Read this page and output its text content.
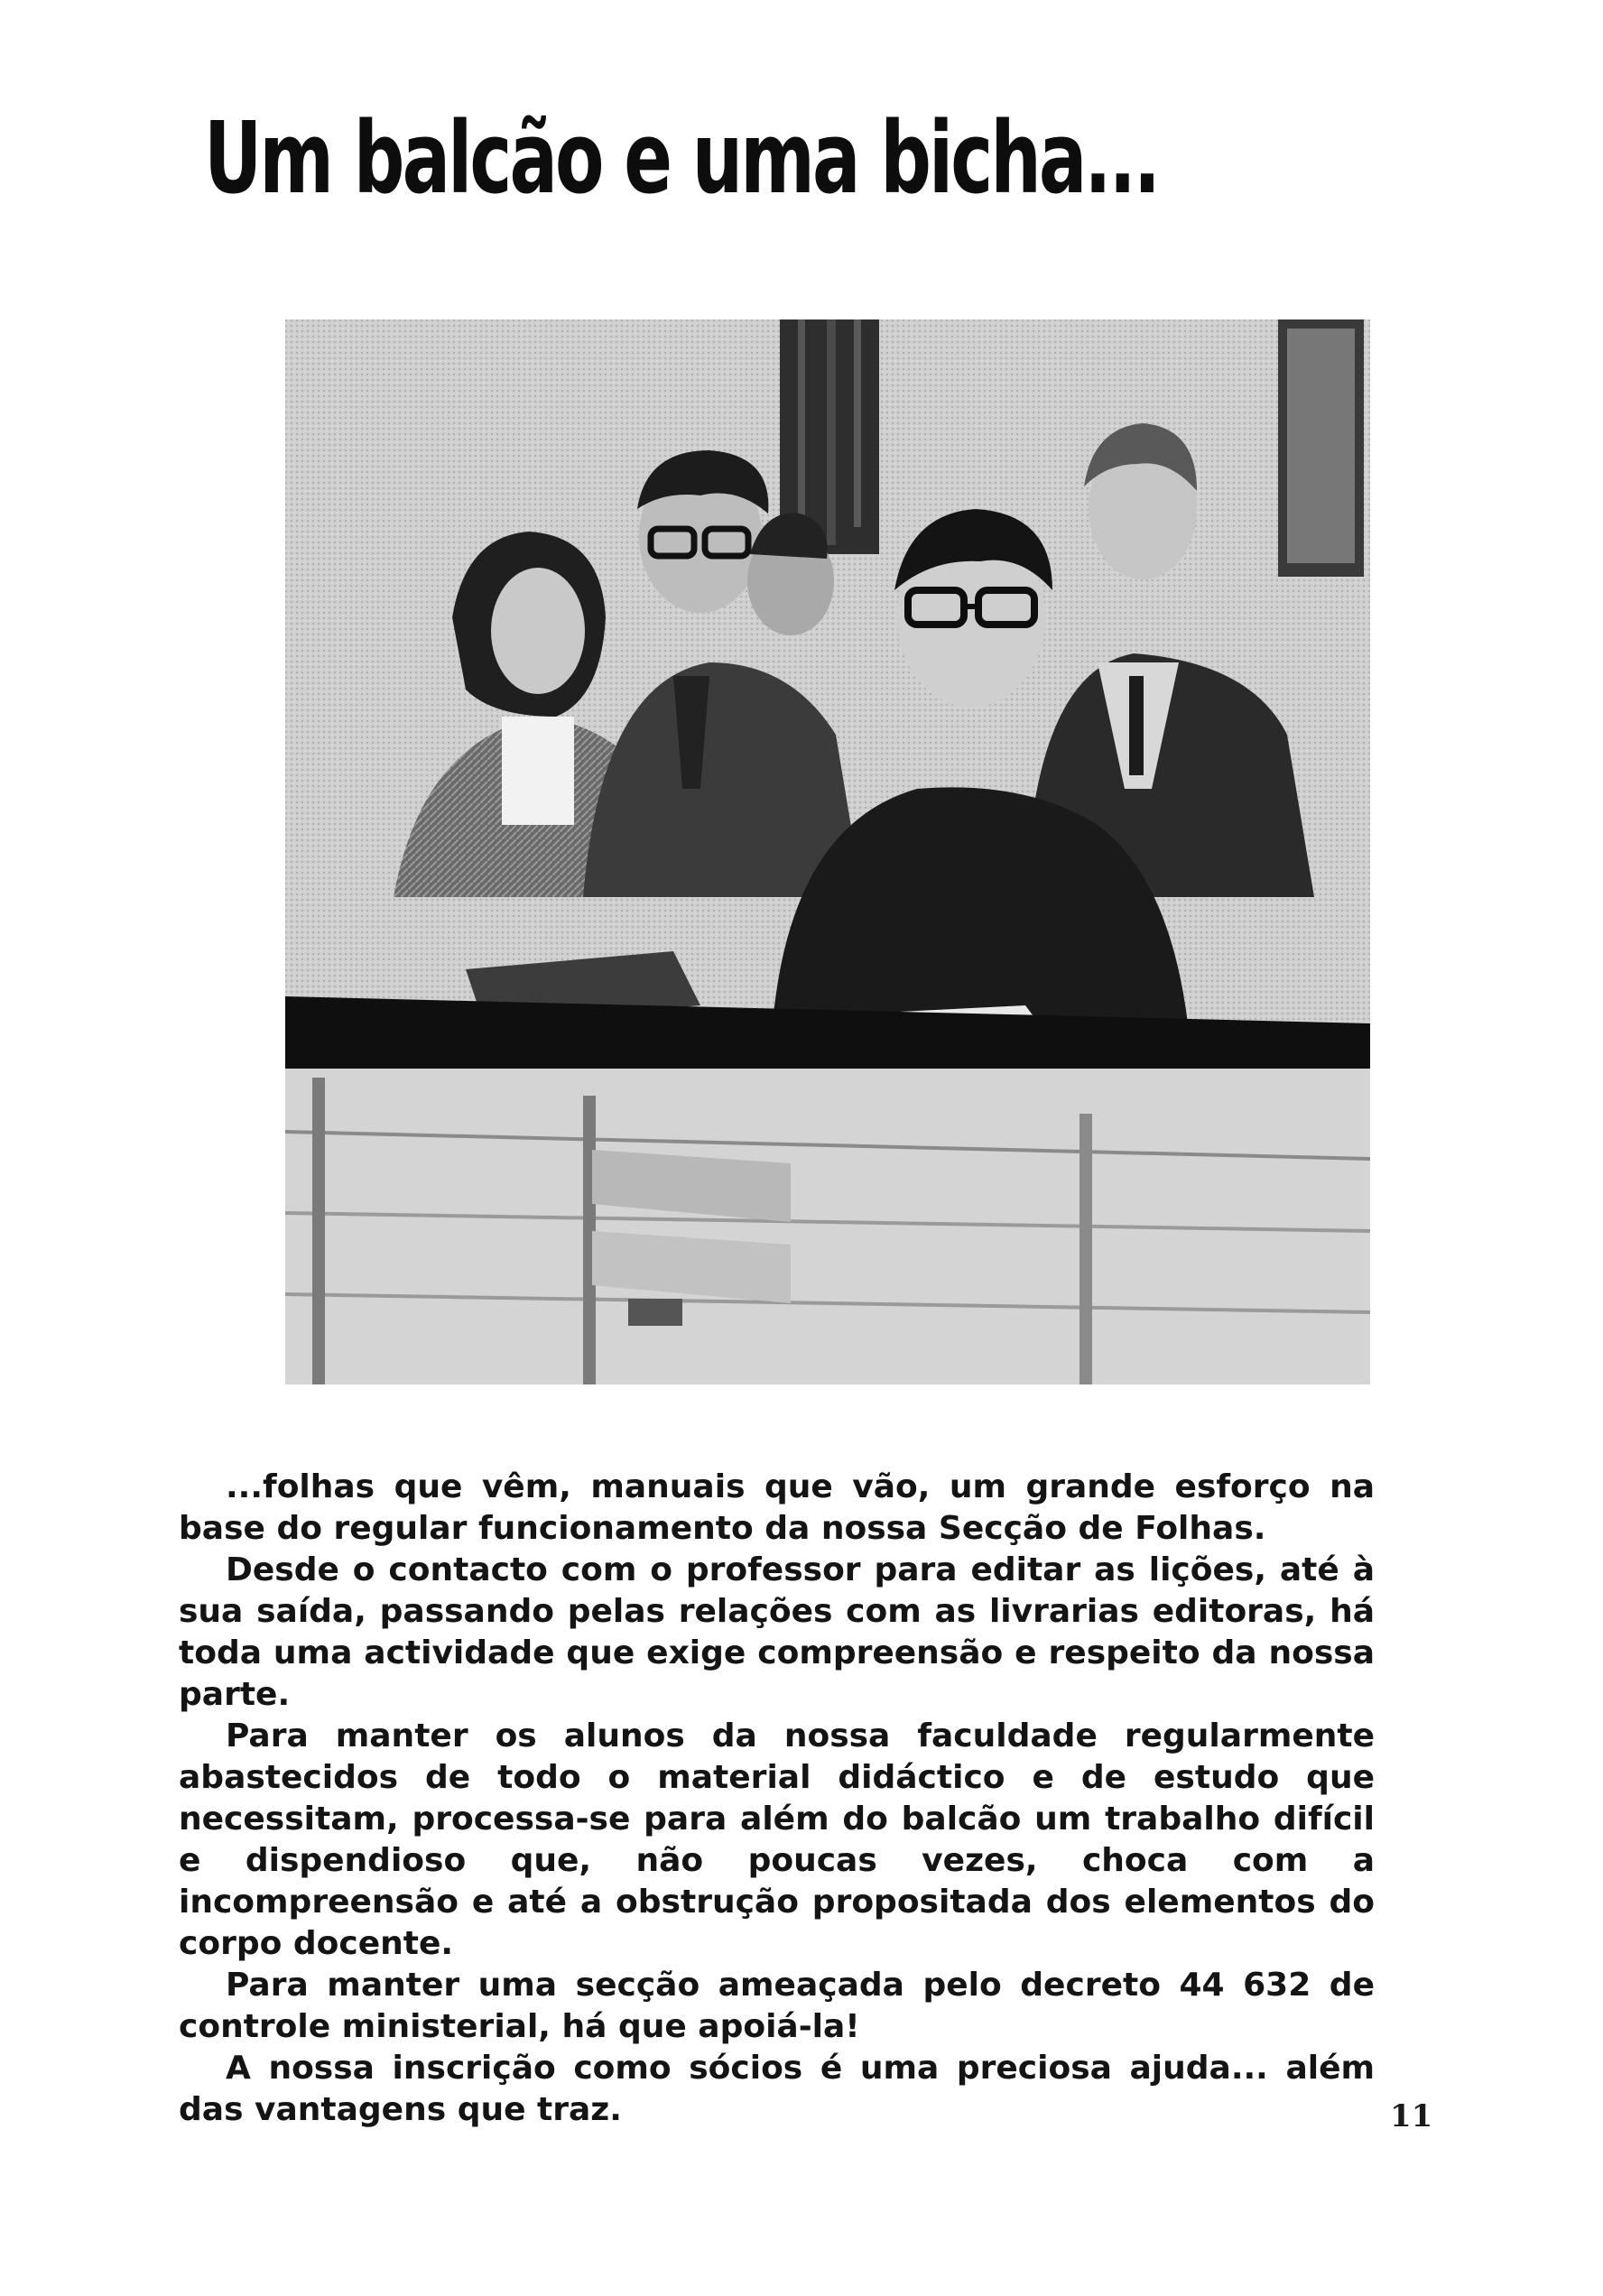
Um balcão e uma bicha...

...folhas que vêm, manuais que vão, um grande esforço na base do regular funcionamento da nossa Secção de Folhas.

Desde o contacto com o professor para editar as lições, até à sua saída, passando pelas relações com as livrarias editoras, há toda uma actividade que exige compreensão e respeito da nossa parte.

Para manter os alunos da nossa faculdade regularmente abastecidos de todo o material didáctico e de estudo que necessitam, processa-se para além do balcão um trabalho difícil e dispendioso que, não poucas vezes, choca com a incompreensão e até a obstrução propositada dos elementos do corpo docente.

Para manter uma secção ameaçada pelo decreto 44 632 de controle ministerial, há que apoiá-la!

A nossa inscrição como sócios é uma preciosa ajuda... além das vantagens que traz.	11
